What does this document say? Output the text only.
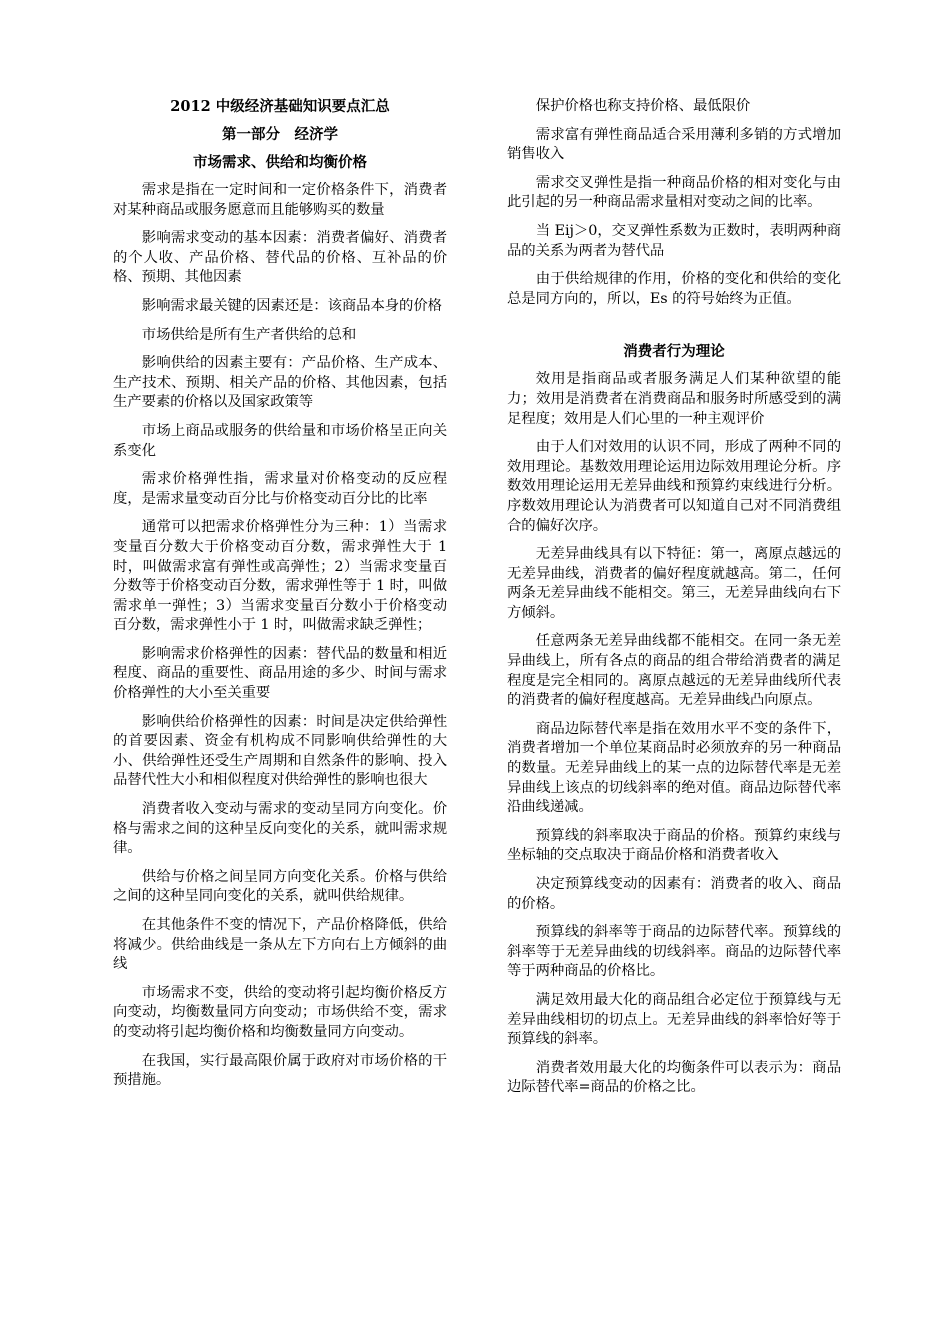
2012 中级经济基础知识要点汇总
第一部分　经济学
市场需求、供给和均衡价格

需求是指在一定时间和一定价格条件下，消费者对某种商品或服务愿意而且能够购买的数量

影响需求变动的基本因素：消费者偏好、消费者的个人收、产品价格、替代品的价格、互补品的价格、预期、其他因素

影响需求最关键的因素还是：该商品本身的价格

市场供给是所有生产者供给的总和

影响供给的因素主要有：产品价格、生产成本、生产技术、预期、相关产品的价格、其他因素，包括生产要素的价格以及国家政策等

市场上商品或服务的供给量和市场价格呈正向关系变化

需求价格弹性指，需求量对价格变动的反应程度，是需求量变动百分比与价格变动百分比的比率

通常可以把需求价格弹性分为三种：1）当需求变量百分数大于价格变动百分数，需求弹性大于 1 时，叫做需求富有弹性或高弹性；2）当需求变量百分数等于价格变动百分数，需求弹性等于 1 时，叫做需求单一弹性；3）当需求变量百分数小于价格变动百分数，需求弹性小于 1 时，叫做需求缺乏弹性；

影响需求价格弹性的因素：替代品的数量和相近程度、商品的重要性、商品用途的多少、时间与需求价格弹性的大小至关重要

影响供给价格弹性的因素：时间是决定供给弹性的首要因素、资金有机构成不同影响供给弹性的大小、供给弹性还受生产周期和自然条件的影响、投入品替代性大小和相似程度对供给弹性的影响也很大

消费者收入变动与需求的变动呈同方向变化。价格与需求之间的这种呈反向变化的关系，就叫需求规律。

供给与价格之间呈同方向变化关系。价格与供给之间的这种呈同向变化的关系，就叫供给规律。

在其他条件不变的情况下，产品价格降低，供给将减少。供给曲线是一条从左下方向右上方倾斜的曲线

市场需求不变，供给的变动将引起均衡价格反方向变动，均衡数量同方向变动；市场供给不变，需求的变动将引起均衡价格和均衡数量同方向变动。

在我国，实行最高限价属于政府对市场价格的干预措施。

保护价格也称支持价格、最低限价

需求富有弹性商品适合采用薄利多销的方式增加销售收入

需求交叉弹性是指一种商品价格的相对变化与由此引起的另一种商品需求量相对变动之间的比率。

当 Eij＞0，交叉弹性系数为正数时，表明两种商品的关系为两者为替代品

由于供给规律的作用，价格的变化和供给的变化总是同方向的，所以，Es 的符号始终为正值。

消费者行为理论

效用是指商品或者服务满足人们某种欲望的能力；效用是消费者在消费商品和服务时所感受到的满足程度；效用是人们心里的一种主观评价

由于人们对效用的认识不同，形成了两种不同的效用理论。基数效用理论运用边际效用理论分析。序数效用理论运用无差异曲线和预算约束线进行分析。序数效用理论认为消费者可以知道自己对不同消费组合的偏好次序。

无差异曲线具有以下特征：第一，离原点越远的无差异曲线，消费者的偏好程度就越高。第二，任何两条无差异曲线不能相交。第三，无差异曲线向右下方倾斜。

任意两条无差异曲线都不能相交。在同一条无差异曲线上，所有各点的商品的组合带给消费者的满足程度是完全相同的。离原点越远的无差异曲线所代表的消费者的偏好程度越高。无差异曲线凸向原点。

商品边际替代率是指在效用水平不变的条件下，消费者增加一个单位某商品时必须放弃的另一种商品的数量。无差异曲线上的某一点的边际替代率是无差异曲线上该点的切线斜率的绝对值。商品边际替代率沿曲线递减。

预算线的斜率取决于商品的价格。预算约束线与坐标轴的交点取决于商品价格和消费者收入

决定预算线变动的因素有：消费者的收入、商品的价格。

预算线的斜率等于商品的边际替代率。预算线的斜率等于无差异曲线的切线斜率。商品的边际替代率等于两种商品的价格比。

满足效用最大化的商品组合必定位于预算线与无差异曲线相切的切点上。无差异曲线的斜率恰好等于预算线的斜率。

消费者效用最大化的均衡条件可以表示为：商品边际替代率=商品的价格之比。
